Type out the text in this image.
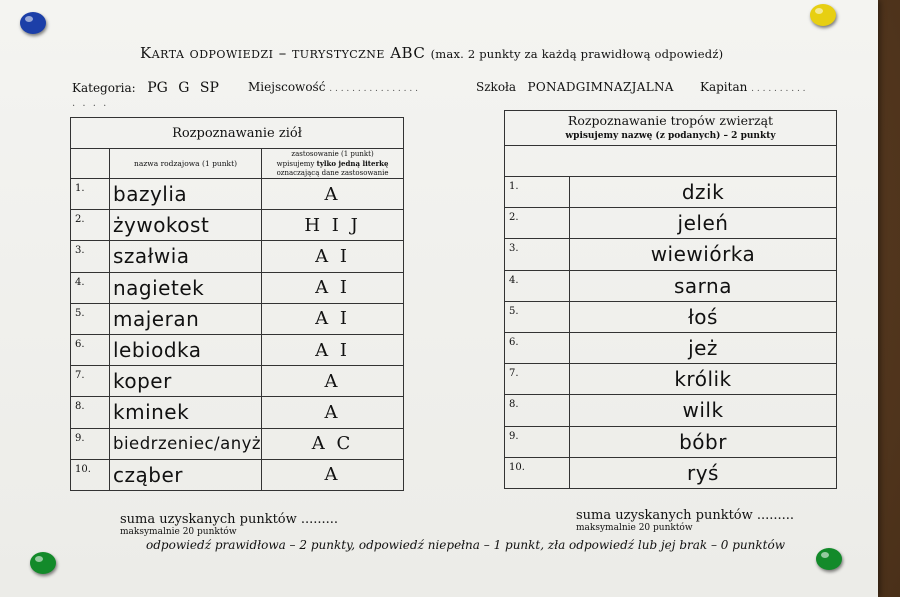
Karta odpowiedzi – turystyczne ABC (max. 2 punkty za każdą prawidłową odpowiedź)
Kategoria: PG G SP Miejscowość . . . . . . . . . . . . . . . .	Szkoła PONADGIMNAZJALNA Kapitan . . . . . . . . . .
. . . .
Rozpoznawanie ziół		
	nazwa rodzajowa (1 punkt)	zastosowanie (1 punkt)
wpisujemy tylko jedną literkę
oznaczającą dane zastosowanie
1.	bazylia	A
2.	żywokost	H I J
3.	szałwia	A I
4.	nagietek	A I
5.	majeran	A I
6.	lebiodka	A I
7.	koper	A
8.	kminek	A
9.	biedrzeniec/anyż	A C
10.	cząber	A
Rozpoznawanie tropów zwierząt
wpisujemy nazwę (z podanych) – 2 punkty	

1.	dzik
2.	jeleń
3.	wiewiórka
4.	sarna
5.	łoś
6.	jeż
7.	królik
8.	wilk
9.	bóbr
10.	ryś
suma uzyskanych punktów .........
maksymalnie 20 punktów
suma uzyskanych punktów .........
maksymalnie 20 punktów
odpowiedź prawidłowa – 2 punkty, odpowiedź niepełna – 1 punkt, zła odpowiedź lub jej brak – 0 punktów
